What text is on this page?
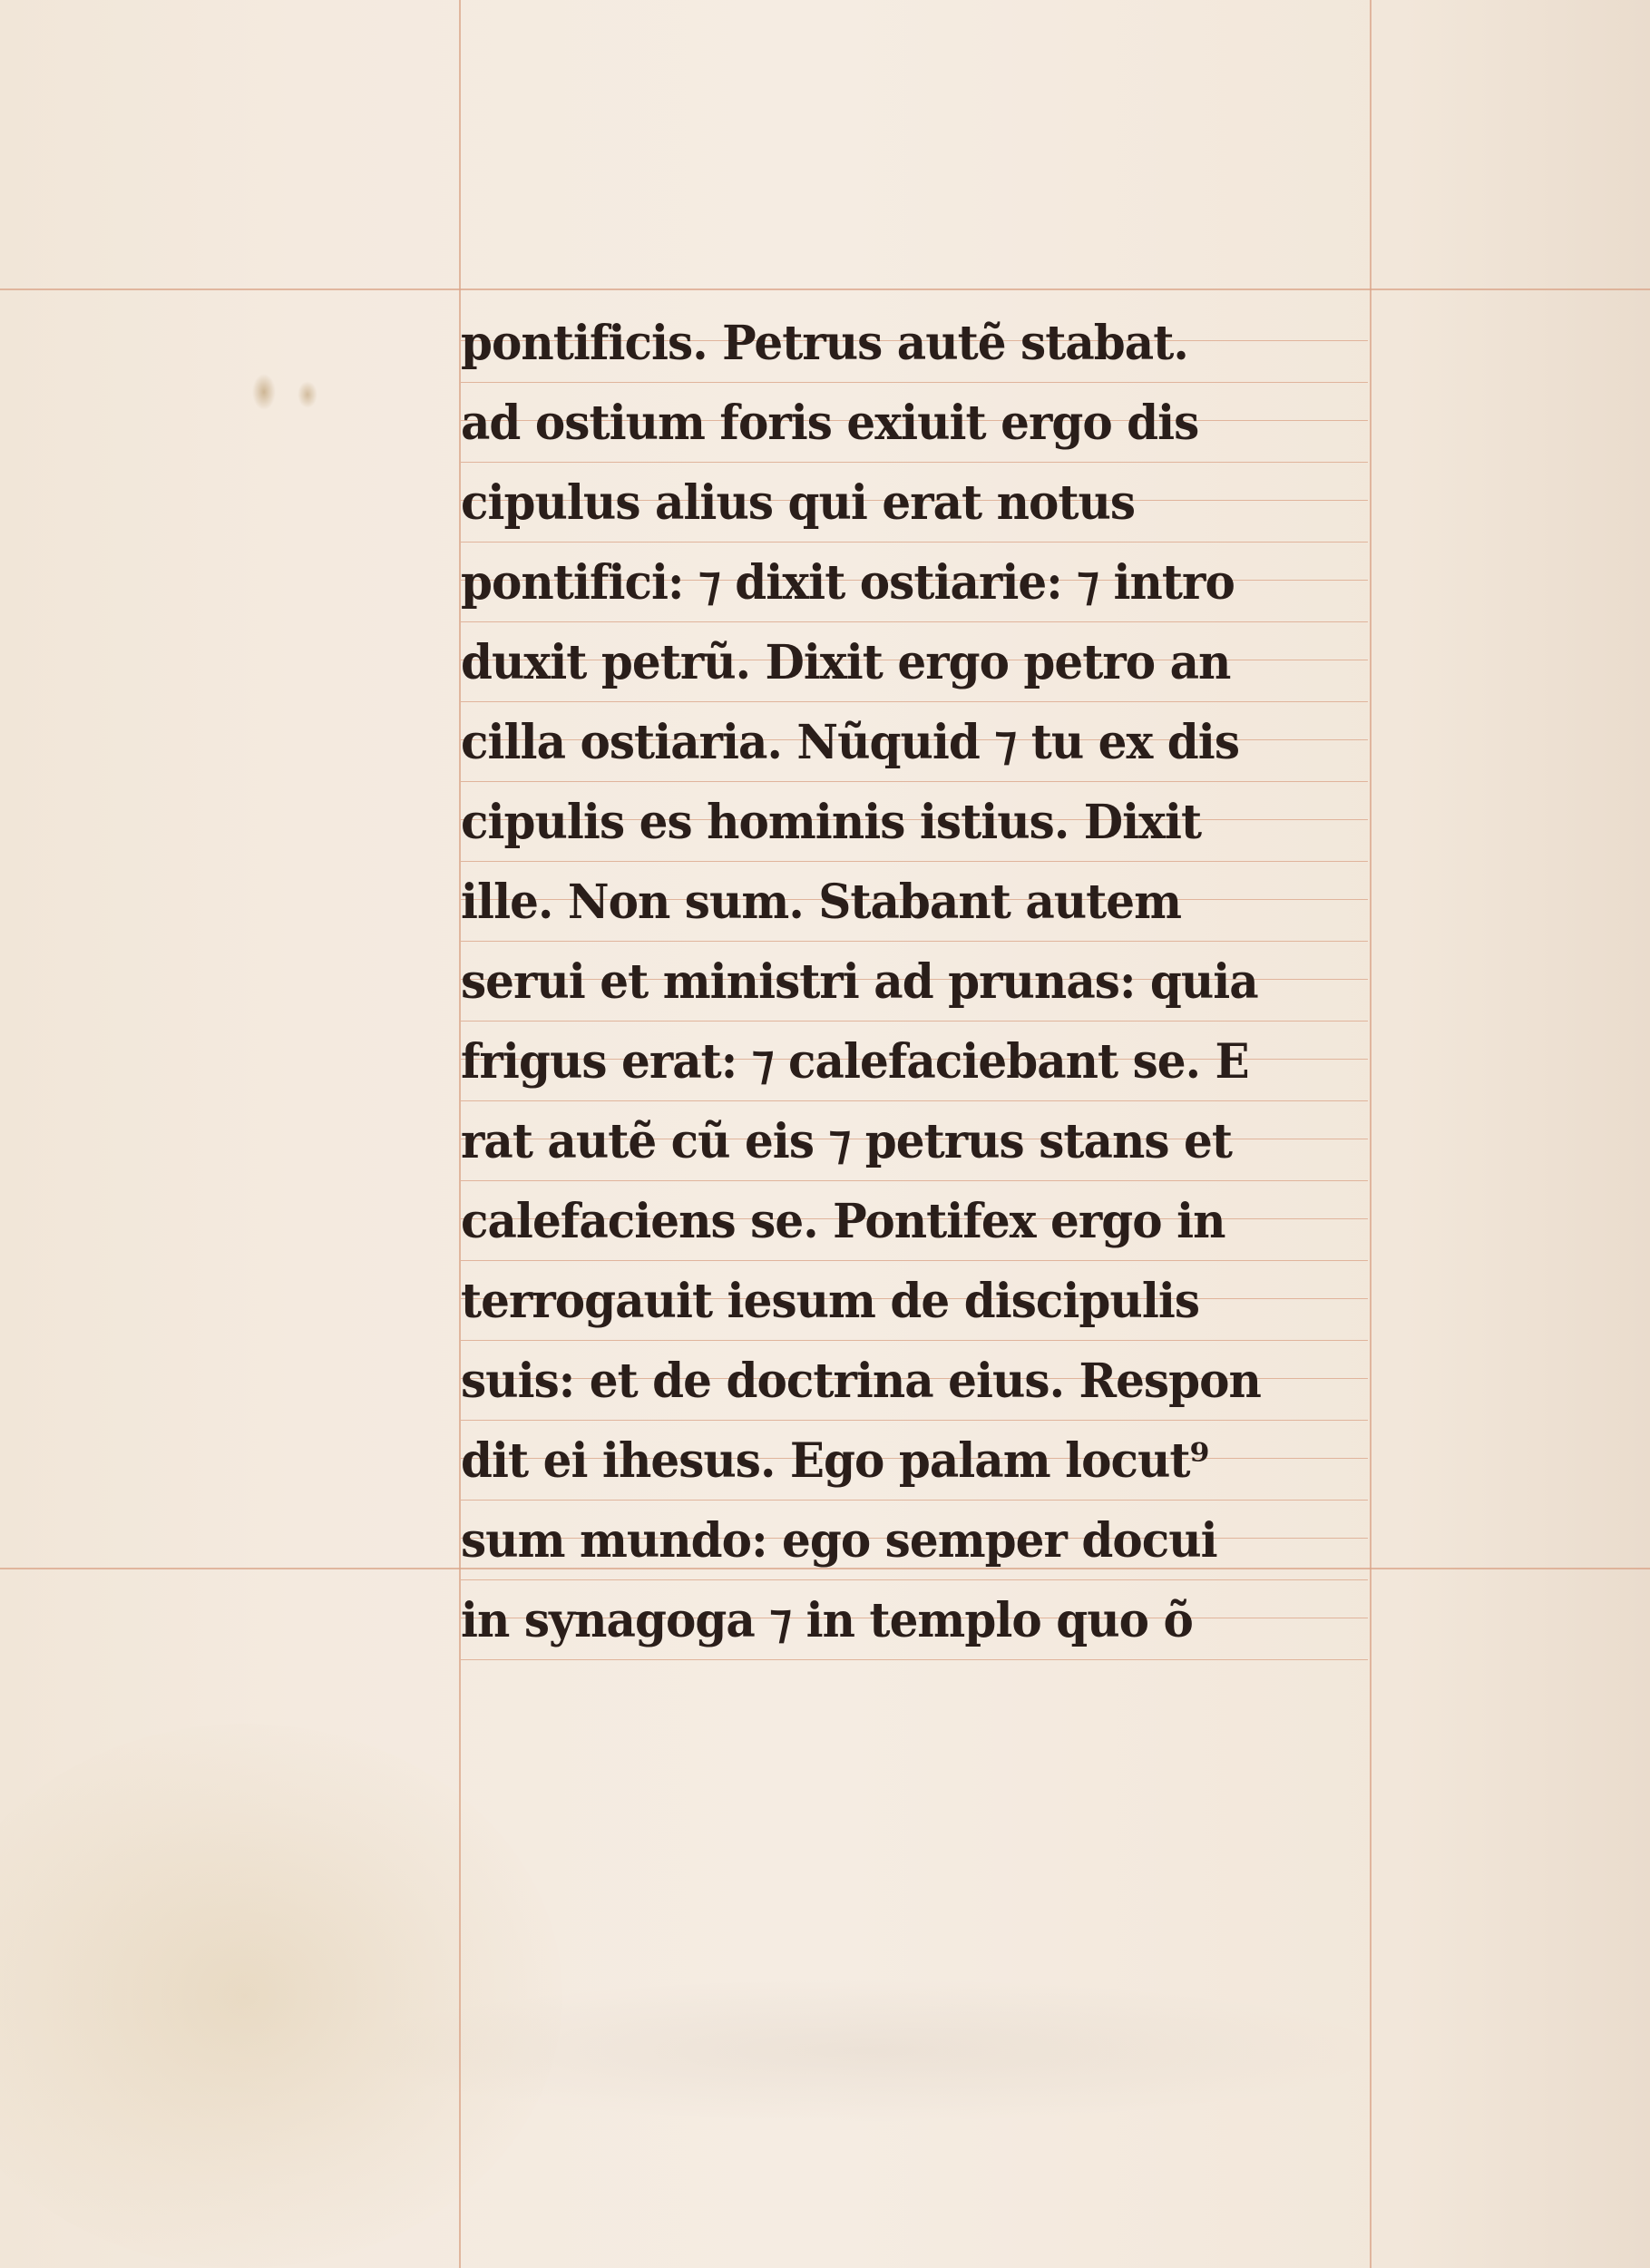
pontificis. Petrus autẽ stabat.
ad ostium foris exiuit ergo dis
cipulus alius qui erat notus
pontifici: ⁊ dixit ostiarie: ⁊ intro
duxit petrũ. Dixit ergo petro an
cilla ostiaria. Nũquid ⁊ tu ex dis
cipulis es hominis istius. Dixit
ille. Non sum. Stabant autem
serui et ministri ad prunas: quia
frigus erat: ⁊ calefaciebant se. E
rat autẽ cũ eis ⁊ petrus stans et
calefaciens se. Pontifex ergo in
terrogauit iesum de discipulis
suis: et de doctrina eius. Respon
dit ei ihesus. Ego palam locut⁹
sum mundo: ego semper docui
in synagoga ⁊ in templo quo õ
